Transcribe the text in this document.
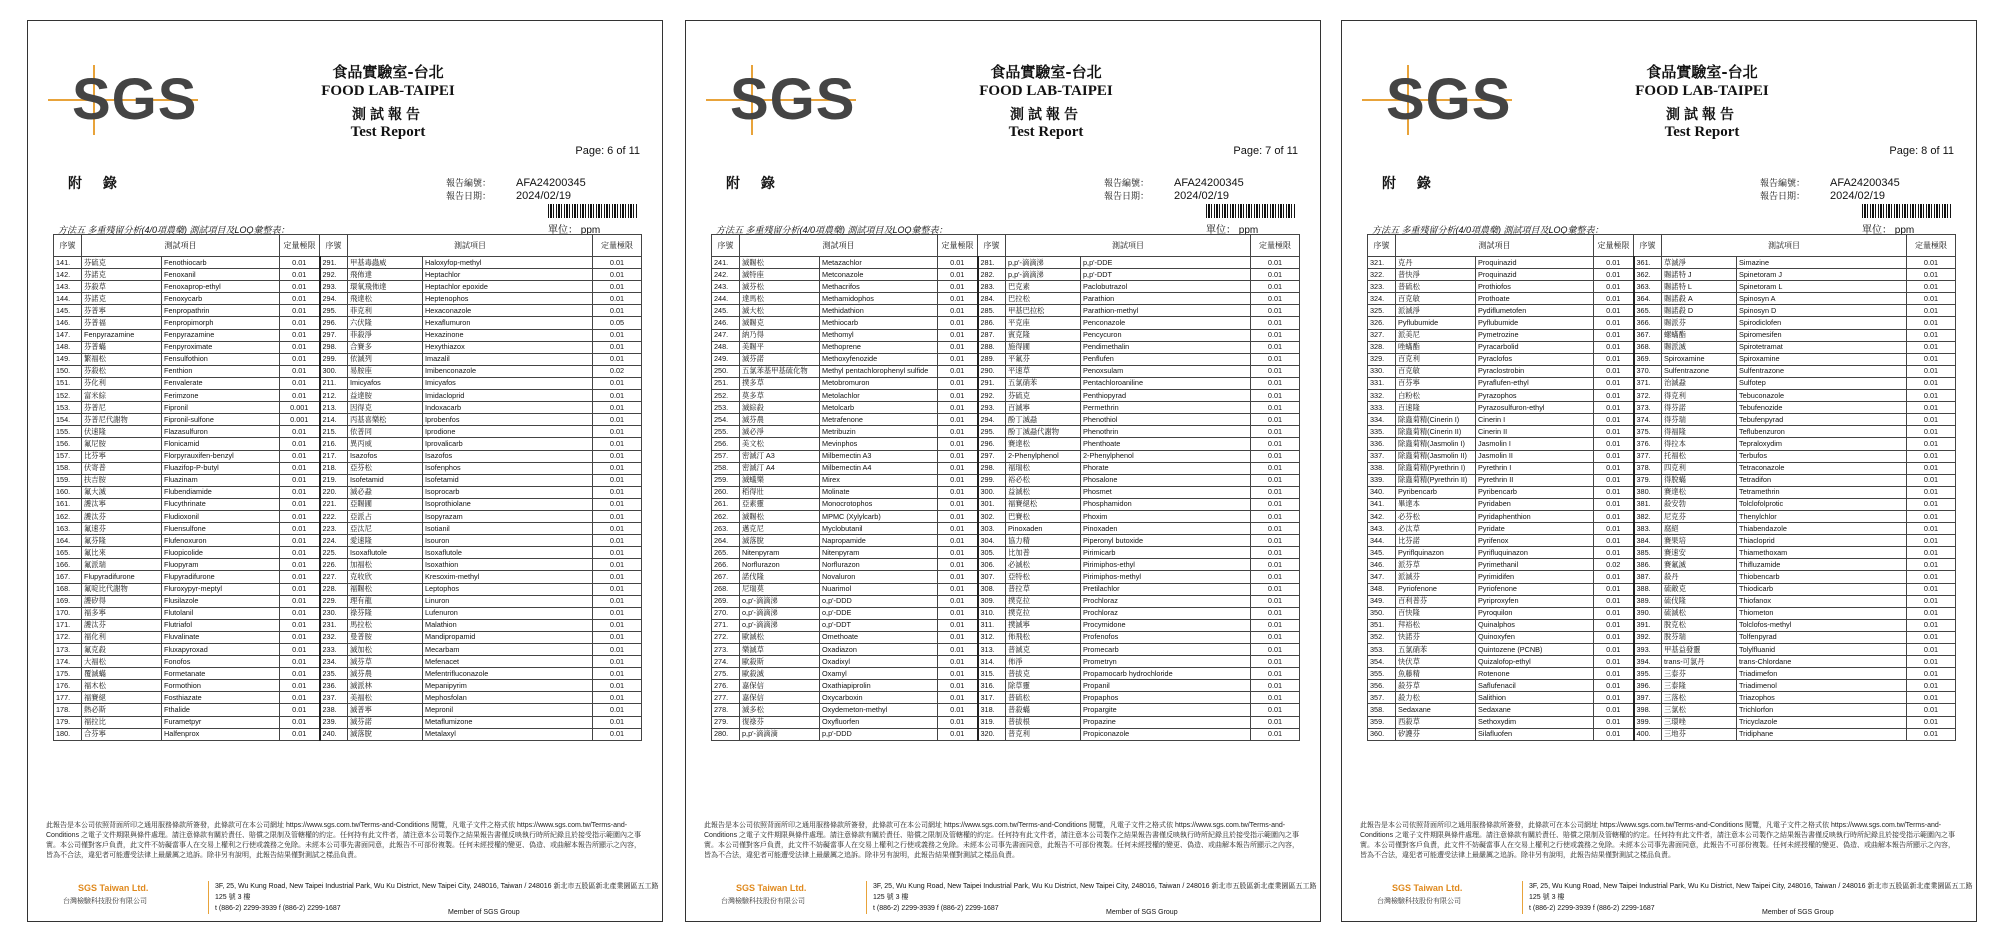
SGS	食品實驗室-台北
FOOD LAB-TAIPEI
測試報告
Test Report
Page: 6 of 11
附 錄	報告編號： AFA24200345
報告日期： 2024/02/19
單位： ppm
方法五 多重殘留分析(4/0項農藥) 測試項目及LOQ彙整表：
序號	測試項目		定量極限	序號	測試項目		定量極限
141.	芬硫克	Fenothiocarb	0.01	291.	甲基毒蟲威	Haloxyfop-methyl	0.01
142.	芬諾克	Fenoxanil	0.01	292.	飛佈達	Heptachlor	0.01
143.	芬殺草	Fenoxaprop-ethyl	0.01	293.	環氧飛佈達	Heptachlor epoxide	0.01
144.	芬諾克	Fenoxycarb	0.01	294.	飛達松	Heptenophos	0.01
145.	芬普寧	Fenpropathrin	0.01	295.	菲克利	Hexaconazole	0.01
146.	芬普福	Fenpropimorph	0.01	296.	六伏隆	Hexaflumuron	0.05
147.	Fenpyrazamine	Fenpyrazamine	0.01	297.	菲殺淨	Hexazinone	0.01
148.	芬普蟎	Fenpyroximate	0.01	298.	合賽多	Hexythiazox	0.01
149.	繁福松	Fensulfothion	0.01	299.	依滅列	Imazalil	0.01
150.	芬殺松	Fenthion	0.01	300.	易胺座	Imibenconazole	0.02
151.	芬化利	Fenvalerate	0.01	211.	Imicyafos	Imicyafos	0.01
152.	富米綜	Ferimzone	0.01	212.	益達胺	Imidacloprid	0.01
153.	芬普尼	Fipronil	0.001	213.	因得克	Indoxacarb	0.01
154.	芬普尼代謝物	Fipronil-sulfone	0.001	214.	丙基喜樂松	Iprobenfos	0.01
155.	伏速隆	Flazasulfuron	0.01	215.	依普同	Iprodione	0.01
156.	氟尼胺	Flonicamid	0.01	216.	異丙威	Iprovalicarb	0.01
157.	比芬寧	Florpyrauxifen-benzyl	0.01	217.	Isazofos	Isazofos	0.01
158.	伏寄普	Fluazifop-P-butyl	0.01	218.	亞芬松	Isofenphos	0.01
159.	扶吉胺	Fluazinam	0.01	219.	Isofetamid	Isofetamid	0.01
160.	氟大滅	Flubendiamide	0.01	220.	滅必蝨	Isoprocarb	0.01
161.	護汰寧	Flucythrinate	0.01	221.	亞賜圃	Isoprothiolane	0.01
162.	護汰芬	Fludioxonil	0.01	222.	亞派占	Isopyrazam	0.01
163.	氟速芬	Fluensulfone	0.01	223.	亞汰尼	Isotianil	0.01
164.	氟芬隆	Flufenoxuron	0.01	224.	愛速隆	Isouron	0.01
165.	氟比來	Fluopicolide	0.01	225.	Isoxaflutole	Isoxaflutole	0.01
166.	氟派瑞	Fluopyram	0.01	226.	加福松	Isoxathion	0.01
167.	Flupyradifurone	Flupyradifurone	0.01	227.	克收欣	Kresoxim-methyl	0.01
168.	氟啶比代謝物	Fluroxypyr-meptyl	0.01	228.	福賜松	Leptophos	0.01
169.	護矽得	Flusilazole	0.01	229.	理有龍	Linuron	0.01
170.	福多寧	Flutolanil	0.01	230.	祿芬隆	Lufenuron	0.01
171.	護汰芬	Flutriafol	0.01	231.	馬拉松	Malathion	0.01
172.	福化利	Fluvalinate	0.01	232.	曼普胺	Mandipropamid	0.01
173.	氟克殺	Fluxapyroxad	0.01	233.	滅加松	Mecarbam	0.01
174.	大福松	Fonofos	0.01	234.	滅芬草	Mefenacet	0.01
175.	覆滅蟎	Formetanate	0.01	235.	滅芬農	Mefentrifluconazole	0.01
176.	福木松	Formothion	0.01	236.	滅派林	Mepanipyrim	0.01
177.	福賽絕	Fosthiazate	0.01	237.	美福松	Mephosfolan	0.01
178.	熱必斯	Fthalide	0.01	238.	滅普寧	Mepronil	0.01
179.	福拉比	Furametpyr	0.01	239.	滅芬諾	Metaflumizone	0.01
180.	合芬寧	Halfenprox	0.01	240.	滅落脫	Metalaxyl	0.01
此報告是本公司依照背面所印之通用服務條款所簽發，此條款可在本公司網址 https://www.sgs.com.tw/Terms-and-Conditions 閱覽，凡電子文件之格式依 https://www.sgs.com.tw/Terms-and-Conditions 之電子文件期限與條件處理。請注意條款有關於責任、賠償之限制及管轄權的約定。任何持有此文件者，請注意本公司製作之結果報告書僅反映執行時所紀錄且於接受指示範圍內之事實。本公司僅對客戶負責，此文件不妨礙當事人在交易上權利之行使或義務之免除。未經本公司事先書面同意，此報告不可部份複製。任何未經授權的變更、偽造、或曲解本報告所顯示之內容，皆為不合法，違犯者可能遭受法律上最嚴厲之追訴。除非另有說明，此報告結果僅對測試之樣品負責。
SGS Taiwan Ltd.
台灣檢驗科技股份有限公司
3F, 25, Wu Kung Road, New Taipei Industrial Park, Wu Ku District, New Taipei City, 248016, Taiwan / 248016 新北市五股區新北產業園區五工路 125 號 3 樓
t (886-2) 2299-3939 f (886-2) 2299-1687
Member of SGS Group
SGS	食品實驗室-台北
FOOD LAB-TAIPEI
測試報告
Test Report
Page: 7 of 11
附 錄	報告編號： AFA24200345
報告日期： 2024/02/19
單位： ppm
方法五 多重殘留分析(4/0項農藥) 測試項目及LOQ彙整表：
序號	測試項目		定量極限	序號	測試項目		定量極限
241.	滅賜松	Metazachlor	0.01	281.	p,p'-滴滴涕	p,p'-DDE	0.01
242.	滅特座	Metconazole	0.01	282.	p,p'-滴滴涕	p,p'-DDT	0.01
243.	滅芬松	Methacrifos	0.01	283.	巴克素	Paclobutrazol	0.01
244.	達馬松	Methamidophos	0.01	284.	巴拉松	Parathion	0.01
245.	滅大松	Methidathion	0.01	285.	甲基巴拉松	Parathion-methyl	0.01
246.	滅賜克	Methiocarb	0.01	286.	平克座	Penconazole	0.01
247.	納乃得	Methomyl	0.01	287.	賓克隆	Pencycuron	0.01
248.	美賜平	Methoprene	0.01	288.	施得圃	Pendimethalin	0.01
249.	滅芬諾	Methoxyfenozide	0.01	289.	平氟芬	Penflufen	0.01
250.	五氯苯基甲基硫化物	Methyl pentachlorophenyl sulfide	0.01	290.	平速草	Penoxsulam	0.01
251.	撲多草	Metobromuron	0.01	291.	五氯硝苯	Pentachloroaniline	0.01
252.	莫多草	Metolachlor	0.01	292.	芬硫克	Penthiopyrad	0.01
253.	滅綜殺	Metolcarb	0.01	293.	百滅寧	Permethrin	0.01
254.	滅芬農	Metrafenone	0.01	294.	酚丁滅蝨	Phenothiol	0.01
255.	滅必淨	Metribuzin	0.01	295.	酚丁滅蝨代謝物	Phenothrin	0.01
256.	美文松	Mevinphos	0.01	296.	賽達松	Phenthoate	0.01
257.	密滅汀 A3	Milbemectin A3	0.01	297.	2-Phenylphenol	2-Phenylphenol	0.01
258.	密滅汀 A4	Milbemectin A4	0.01	298.	福瑞松	Phorate	0.01
259.	滅蟻樂	Mirex	0.01	299.	裕必松	Phosalone	0.01
260.	稻得壯	Molinate	0.01	300.	益滅松	Phosmet	0.01
261.	亞素靈	Monocrotophos	0.01	301.	福賽絕松	Phosphamidon	0.01
262.	滅賜松	MPMC (Xylylcarb)	0.01	302.	巴賽松	Phoxim	0.01
263.	邁克尼	Myclobutanil	0.01	303.	Pinoxaden	Pinoxaden	0.01
264.	滅落脫	Napropamide	0.01	304.	協力精	Piperonyl butoxide	0.01
265.	Nitenpyram	Nitenpyram	0.01	305.	比加普	Pirimicarb	0.01
266.	Norflurazon	Norflurazon	0.01	306.	必滅松	Pirimiphos-ethyl	0.01
267.	諾伐隆	Novaluron	0.01	307.	亞特松	Pirimiphos-methyl	0.01
268.	尼瑞莫	Nuarimol	0.01	308.	普拉草	Pretilachlor	0.01
269.	o,p'-滴滴涕	o,p'-DDD	0.01	309.	撲克拉	Prochloraz	0.01
270.	o,p'-滴滴涕	o,p'-DDE	0.01	310.	撲克拉	Prochloraz	0.01
271.	o,p'-滴滴涕	o,p'-DDT	0.01	311.	撲滅寧	Procymidone	0.01
272.	歐滅松	Omethoate	0.01	312.	佈飛松	Profenofos	0.01
273.	樂滅草	Oxadiazon	0.01	313.	普滅克	Promecarb	0.01
274.	歐殺斯	Oxadixyl	0.01	314.	佈淨	Prometryn	0.01
275.	歐殺滅	Oxamyl	0.01	315.	普拔克	Propamocarb hydrochloride	0.01
276.	嘉保信	Oxathiapiprolin	0.01	316.	除草靈	Propanil	0.01
277.	嘉保信	Oxycarboxin	0.01	317.	普硫松	Propaphos	0.01
278.	滅多松	Oxydemeton-methyl	0.01	318.	普殺蟎	Propargite	0.01
279.	復祿芬	Oxyfluorfen	0.01	319.	普拔根	Propazine	0.01
280.	p,p'-滴滴滴	p,p'-DDD	0.01	320.	普克利	Propiconazole	0.01
此報告是本公司依照背面所印之通用服務條款所簽發，此條款可在本公司網址 https://www.sgs.com.tw/Terms-and-Conditions 閱覽，凡電子文件之格式依 https://www.sgs.com.tw/Terms-and-Conditions 之電子文件期限與條件處理。請注意條款有關於責任、賠償之限制及管轄權的約定。任何持有此文件者，請注意本公司製作之結果報告書僅反映執行時所紀錄且於接受指示範圍內之事實。本公司僅對客戶負責，此文件不妨礙當事人在交易上權利之行使或義務之免除。未經本公司事先書面同意，此報告不可部份複製。任何未經授權的變更、偽造、或曲解本報告所顯示之內容，皆為不合法，違犯者可能遭受法律上最嚴厲之追訴。除非另有說明，此報告結果僅對測試之樣品負責。
SGS Taiwan Ltd.
台灣檢驗科技股份有限公司
3F, 25, Wu Kung Road, New Taipei Industrial Park, Wu Ku District, New Taipei City, 248016, Taiwan / 248016 新北市五股區新北產業園區五工路 125 號 3 樓
t (886-2) 2299-3939 f (886-2) 2299-1687
Member of SGS Group
SGS	食品實驗室-台北
FOOD LAB-TAIPEI
測試報告
Test Report
Page: 8 of 11
附 錄	報告編號： AFA24200345
報告日期： 2024/02/19
單位： ppm
方法五 多重殘留分析(4/0項農藥) 測試項目及LOQ彙整表：
序號	測試項目		定量極限	序號	測試項目		定量極限
321.	克丹	Proquinazid	0.01	361.	草滅淨	Simazine	0.01
322.	普快淨	Proquinazid	0.01	362.	賜諾特 J	Spinetoram J	0.01
323.	普硫松	Prothiofos	0.01	363.	賜諾特 L	Spinetoram L	0.01
324.	百克敏	Prothoate	0.01	364.	賜諾殺 A	Spinosyn A	0.01
325.	派滅淨	Pydiflumetofen	0.01	365.	賜諾殺 D	Spinosyn D	0.01
326.	Pyflubumide	Pyflubumide	0.01	366.	賜派芬	Spirodiclofen	0.01
327.	派美尼	Pymetrozine	0.01	367.	螺蟎酯	Spiromesifen	0.01
328.	唑蟎酯	Pyracarbolid	0.01	368.	賜派滅	Spirotetramat	0.01
329.	百克利	Pyraclofos	0.01	369.	Spiroxamine	Spiroxamine	0.01
330.	百克敏	Pyraclostrobin	0.01	370.	Sulfentrazone	Sulfentrazone	0.01
331.	百芬寧	Pyraflufen-ethyl	0.01	371.	治滅蝨	Sulfotep	0.01
332.	白粉松	Pyrazophos	0.01	372.	得克利	Tebuconazole	0.01
333.	百速隆	Pyrazosulfuron-ethyl	0.01	373.	得芬諾	Tebufenozide	0.01
334.	除蟲菊精(Cinerin I)	Cinerin I	0.01	374.	得芬瑞	Tebufenpyrad	0.01
335.	除蟲菊精(Cinerin II)	Cinerin II	0.01	375.	得福隆	Teflubenzuron	0.01
336.	除蟲菊精(Jasmolin I)	Jasmolin I	0.01	376.	得拉本	Tepraloxydim	0.01
337.	除蟲菊精(Jasmolin II)	Jasmolin II	0.01	377.	托福松	Terbufos	0.01
338.	除蟲菊精(Pyrethrin I)	Pyrethrin I	0.01	378.	四克利	Tetraconazole	0.01
339.	除蟲菊精(Pyrethrin II)	Pyrethrin II	0.01	379.	得脫蟎	Tetradifon	0.01
340.	Pyribencarb	Pyribencarb	0.01	380.	賽達松	Tetramethrin	0.01
341.	畢達本	Pyridaben	0.01	381.	殺安勃	Tolclofolprotic	0.01
342.	必芬松	Pyridaphenthion	0.01	382.	尼克芬	Thenylchlor	0.01
343.	必汰草	Pyridate	0.01	383.	腐絕	Thiabendazole	0.01
344.	比芬諾	Pyrifenox	0.01	384.	賽果培	Thiacloprid	0.01
345.	Pyriflquinazon	Pyrifluquinazon	0.01	385.	賽速安	Thiamethoxam	0.01
346.	派芬草	Pyrimethanil	0.02	386.	賽氟滅	Thifluzamide	0.01
347.	派滅芬	Pyrimidifen	0.01	387.	殺丹	Thiobencarb	0.01
348.	Pyriofenone	Pyriofenone	0.01	388.	硫敵克	Thiodicarb	0.01
349.	百利普芬	Pyriproxyfen	0.01	389.	硫伐隆	Thiofanox	0.01
350.	百快隆	Pyroquilon	0.01	390.	硫滅松	Thiometon	0.01
351.	拜裕松	Quinalphos	0.01	391.	脫克松	Tolclofos-methyl	0.01
352.	快諾芬	Quinoxyfen	0.01	392.	脫芬瑞	Tolfenpyrad	0.01
353.	五氯硝苯	Quintozene (PCNB)	0.01	393.	甲基益發靈	Tolylfluanid	0.01
354.	快伏草	Quizalofop-ethyl	0.01	394.	trans-可氯丹	trans-Chlordane	0.01
355.	魚藤精	Rotenone	0.01	395.	三泰芬	Triadimefon	0.01
356.	殺芬草	Saflufenacil	0.01	396.	三泰隆	Triadimenol	0.01
357.	殺力松	Salithion	0.01	397.	三落松	Triazophos	0.01
358.	Sedaxane	Sedaxane	0.01	398.	三氯松	Trichlorfon	0.01
359.	西殺草	Sethoxydim	0.01	399.	三環唑	Tricyclazole	0.01
360.	矽護芬	Silafluofen	0.01	400.	三地芬	Tridiphane	0.01
此報告是本公司依照背面所印之通用服務條款所簽發，此條款可在本公司網址 https://www.sgs.com.tw/Terms-and-Conditions 閱覽，凡電子文件之格式依 https://www.sgs.com.tw/Terms-and-Conditions 之電子文件期限與條件處理。請注意條款有關於責任、賠償之限制及管轄權的約定。任何持有此文件者，請注意本公司製作之結果報告書僅反映執行時所紀錄且於接受指示範圍內之事實。本公司僅對客戶負責，此文件不妨礙當事人在交易上權利之行使或義務之免除。未經本公司事先書面同意，此報告不可部份複製。任何未經授權的變更、偽造、或曲解本報告所顯示之內容，皆為不合法，違犯者可能遭受法律上最嚴厲之追訴。除非另有說明，此報告結果僅對測試之樣品負責。
SGS Taiwan Ltd.
台灣檢驗科技股份有限公司
3F, 25, Wu Kung Road, New Taipei Industrial Park, Wu Ku District, New Taipei City, 248016, Taiwan / 248016 新北市五股區新北產業園區五工路 125 號 3 樓
t (886-2) 2299-3939 f (886-2) 2299-1687
Member of SGS Group
